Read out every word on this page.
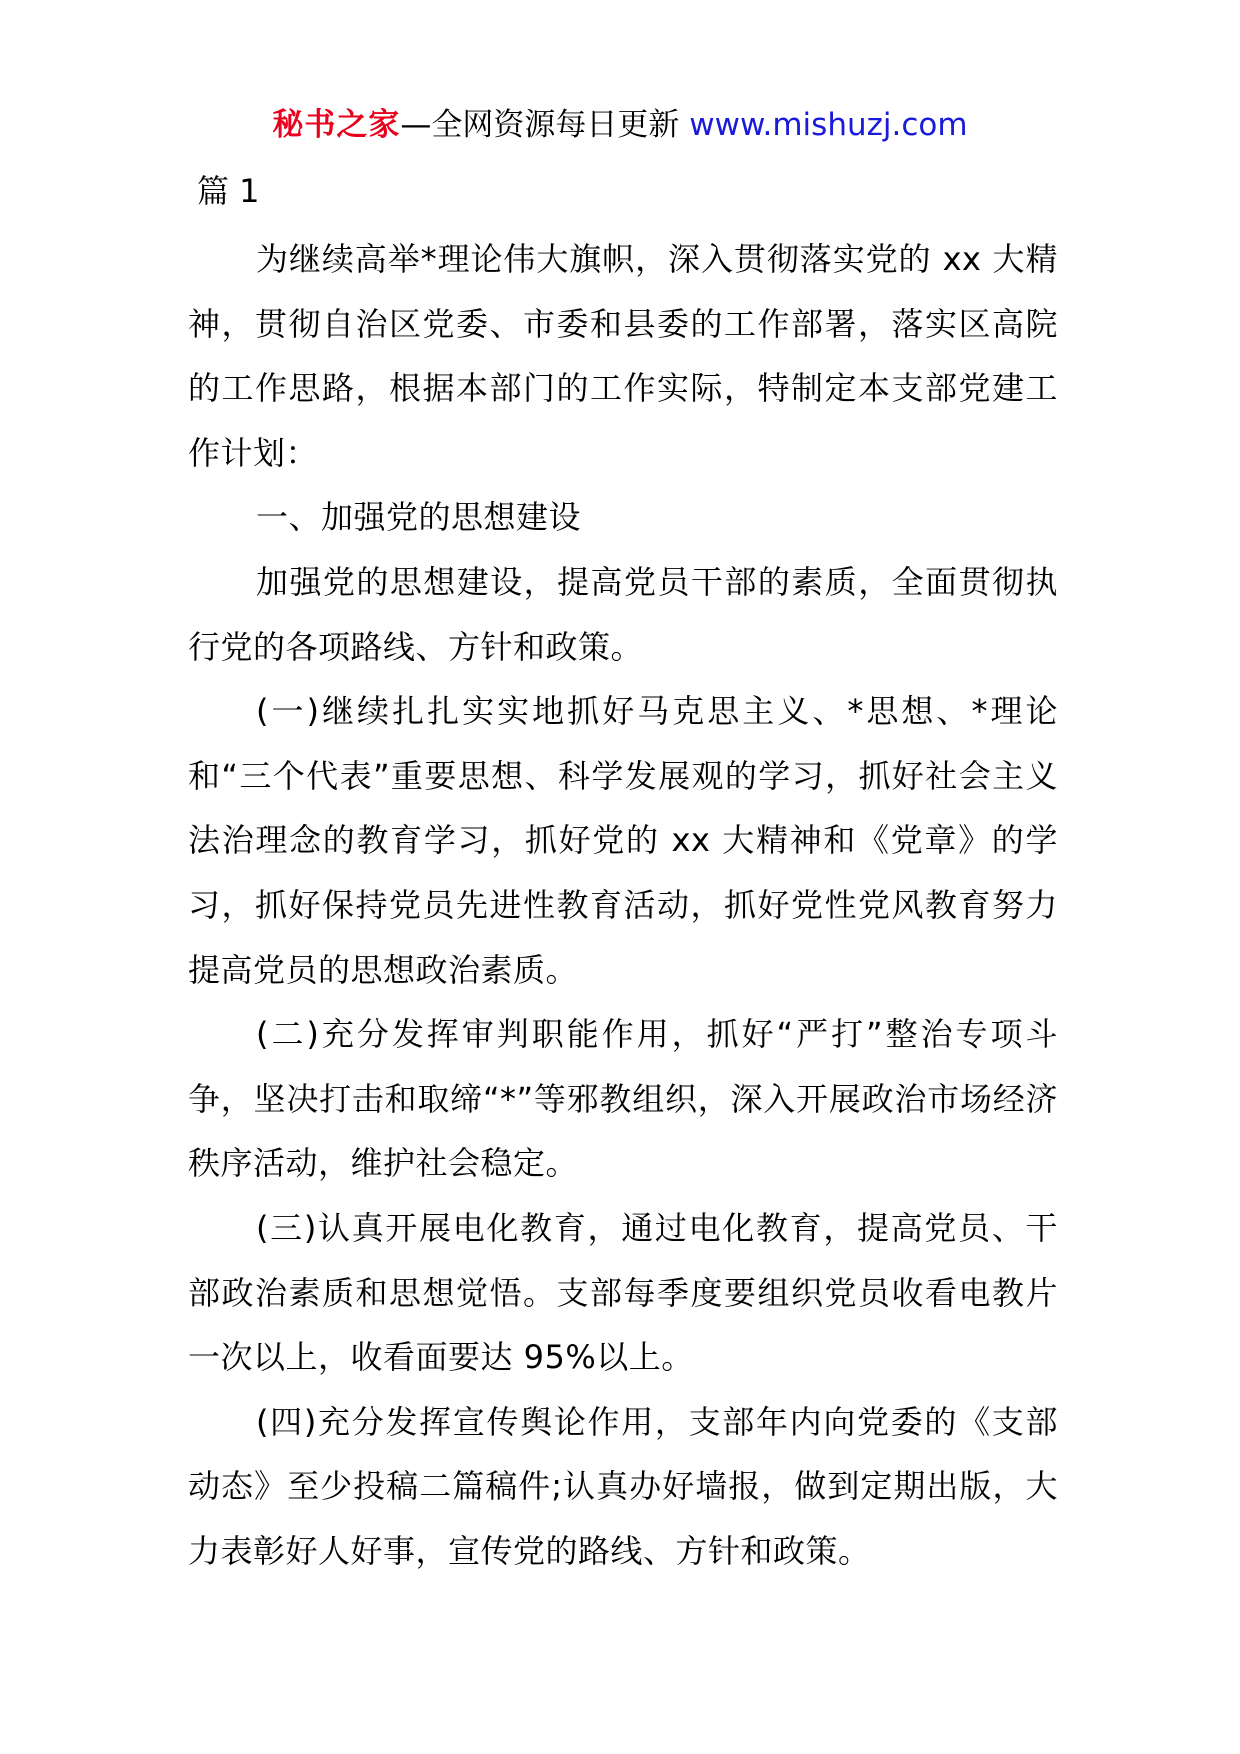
秘书之家—全网资源每日更新 www.mishuzj.com
篇 1

为继续高举*理论伟大旗帜，深入贯彻落实党的 xx 大精神，贯彻自治区党委、市委和县委的工作部署，落实区高院的工作思路，根据本部门的工作实际，特制定本支部党建工作计划：

一、加强党的思想建设

加强党的思想建设，提高党员干部的素质，全面贯彻执行党的各项路线、方针和政策。

(一)继续扎扎实实地抓好马克思主义、*思想、*理论和“三个代表”重要思想、科学发展观的学习，抓好社会主义法治理念的教育学习，抓好党的 xx 大精神和《党章》的学习，抓好保持党员先进性教育活动，抓好党性党风教育努力提高党员的思想政治素质。

(二)充分发挥审判职能作用，抓好“严打”整治专项斗争，坚决打击和取缔“*”等邪教组织，深入开展政治市场经济秩序活动，维护社会稳定。

(三)认真开展电化教育，通过电化教育，提高党员、干部政治素质和思想觉悟。支部每季度要组织党员收看电教片一次以上，收看面要达 95%以上。

(四)充分发挥宣传舆论作用，支部年内向党委的《支部动态》至少投稿二篇稿件;认真办好墙报，做到定期出版，大力表彰好人好事，宣传党的路线、方针和政策。
